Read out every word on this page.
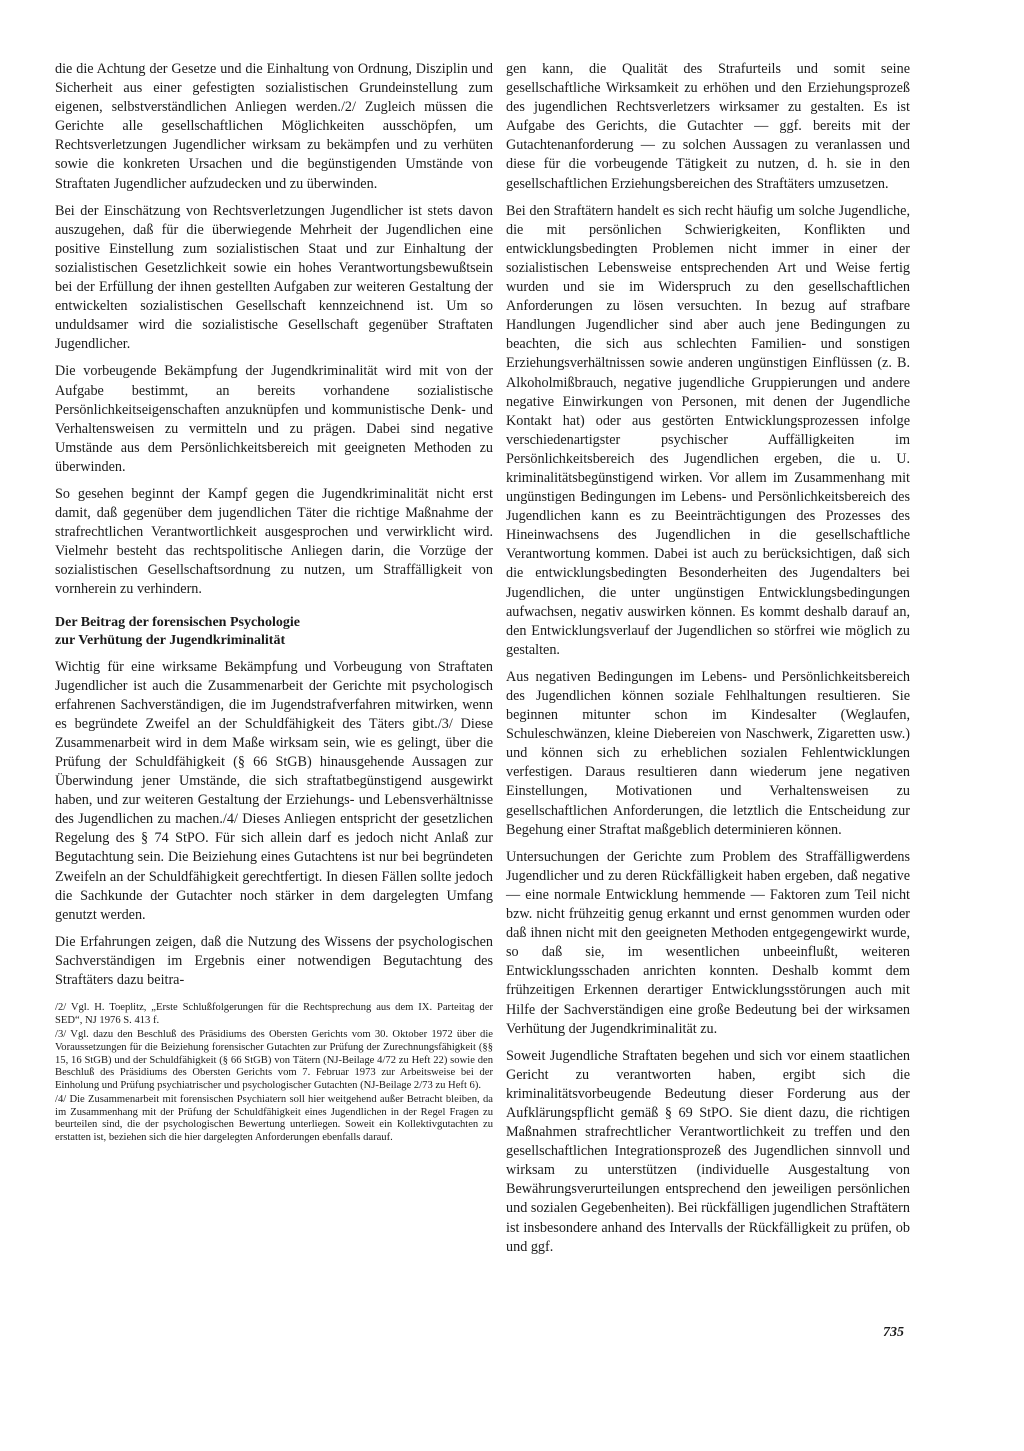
die die Achtung der Gesetze und die Einhaltung von Ordnung, Disziplin und Sicherheit aus einer gefestigten sozialistischen Grundeinstellung zum eigenen, selbstverständlichen Anliegen werden./2/ Zugleich müssen die Gerichte alle gesellschaftlichen Möglichkeiten ausschöpfen, um Rechtsverletzungen Jugendlicher wirksam zu bekämpfen und zu verhüten sowie die konkreten Ursachen und die begünstigenden Umstände von Straftaten Jugendlicher aufzudecken und zu überwinden.

Bei der Einschätzung von Rechtsverletzungen Jugendlicher ist stets davon auszugehen, daß für die überwiegende Mehrheit der Jugendlichen eine positive Einstellung zum sozialistischen Staat und zur Einhaltung der sozialistischen Gesetzlichkeit sowie ein hohes Verantwortungsbewußtsein bei der Erfüllung der ihnen gestellten Aufgaben zur weiteren Gestaltung der entwickelten sozialistischen Gesellschaft kennzeichnend ist. Um so unduldsamer wird die sozialistische Gesellschaft gegenüber Straftaten Jugendlicher.

Die vorbeugende Bekämpfung der Jugendkriminalität wird mit von der Aufgabe bestimmt, an bereits vorhandene sozialistische Persönlichkeitseigenschaften anzuknüpfen und kommunistische Denk- und Verhaltensweisen zu vermitteln und zu prägen. Dabei sind negative Umstände aus dem Persönlichkeitsbereich mit geeigneten Methoden zu überwinden.

So gesehen beginnt der Kampf gegen die Jugendkriminalität nicht erst damit, daß gegenüber dem jugendlichen Täter die richtige Maßnahme der strafrechtlichen Verantwortlichkeit ausgesprochen und verwirklicht wird. Vielmehr besteht das rechtspolitische Anliegen darin, die Vorzüge der sozialistischen Gesellschaftsordnung zu nutzen, um Straffälligkeit von vornherein zu verhindern.

Der Beitrag der forensischen Psychologie
zur Verhütung der Jugendkriminalität

Wichtig für eine wirksame Bekämpfung und Vorbeugung von Straftaten Jugendlicher ist auch die Zusammenarbeit der Gerichte mit psychologisch erfahrenen Sachverständigen, die im Jugendstrafverfahren mitwirken, wenn es begründete Zweifel an der Schuldfähigkeit des Täters gibt./3/ Diese Zusammenarbeit wird in dem Maße wirksam sein, wie es gelingt, über die Prüfung der Schuldfähigkeit (§ 66 StGB) hinausgehende Aussagen zur Überwindung jener Umstände, die sich straftatbegünstigend ausgewirkt haben, und zur weiteren Gestaltung der Erziehungs- und Lebensverhältnisse des Jugendlichen zu machen./4/ Dieses Anliegen entspricht der gesetzlichen Regelung des § 74 StPO. Für sich allein darf es jedoch nicht Anlaß zur Begutachtung sein. Die Beiziehung eines Gutachtens ist nur bei begründeten Zweifeln an der Schuldfähigkeit gerechtfertigt. In diesen Fällen sollte jedoch die Sachkunde der Gutachter noch stärker in dem dargelegten Umfang genutzt werden.

Die Erfahrungen zeigen, daß die Nutzung des Wissens der psychologischen Sachverständigen im Ergebnis einer notwendigen Begutachtung des Straftäters dazu beitra-

/2/ Vgl. H. Toeplitz, „Erste Schlußfolgerungen für die Rechtsprechung aus dem IX. Parteitag der SED“, NJ 1976 S. 413 f.

/3/ Vgl. dazu den Beschluß des Präsidiums des Obersten Gerichts vom 30. Oktober 1972 über die Voraussetzungen für die Beiziehung forensischer Gutachten zur Prüfung der Zurechnungsfähigkeit (§§ 15, 16 StGB) und der Schuldfähigkeit (§ 66 StGB) von Tätern (NJ-Beilage 4/72 zu Heft 22) sowie den Beschluß des Präsidiums des Obersten Gerichts vom 7. Februar 1973 zur Arbeitsweise bei der Einholung und Prüfung psychiatrischer und psychologischer Gutachten (NJ-Beilage 2/73 zu Heft 6).

/4/ Die Zusammenarbeit mit forensischen Psychiatern soll hier weitgehend außer Betracht bleiben, da im Zusammenhang mit der Prüfung der Schuldfähigkeit eines Jugendlichen in der Regel Fragen zu beurteilen sind, die der psychologischen Bewertung unterliegen. Soweit ein Kollektivgutachten zu erstatten ist, beziehen sich die hier dargelegten Anforderungen ebenfalls darauf.

gen kann, die Qualität des Strafurteils und somit seine gesellschaftliche Wirksamkeit zu erhöhen und den Erziehungsprozeß des jugendlichen Rechtsverletzers wirksamer zu gestalten. Es ist Aufgabe des Gerichts, die Gutachter — ggf. bereits mit der Gutachtenanforderung — zu solchen Aussagen zu veranlassen und diese für die vorbeugende Tätigkeit zu nutzen, d. h. sie in den gesellschaftlichen Erziehungsbereichen des Straftäters umzusetzen.

Bei den Straftätern handelt es sich recht häufig um solche Jugendliche, die mit persönlichen Schwierigkeiten, Konflikten und entwicklungsbedingten Problemen nicht immer in einer der sozialistischen Lebensweise entsprechenden Art und Weise fertig wurden und sie im Widerspruch zu den gesellschaftlichen Anforderungen zu lösen versuchten. In bezug auf strafbare Handlungen Jugendlicher sind aber auch jene Bedingungen zu beachten, die sich aus schlechten Familien- und sonstigen Erziehungsverhältnissen sowie anderen ungünstigen Einflüssen (z. B. Alkoholmißbrauch, negative jugendliche Gruppierungen und andere negative Einwirkungen von Personen, mit denen der Jugendliche Kontakt hat) oder aus gestörten Entwicklungsprozessen infolge verschiedenartigster psychischer Auffälligkeiten im Persönlichkeitsbereich des Jugendlichen ergeben, die u. U. kriminalitätsbegünstigend wirken. Vor allem im Zusammenhang mit ungünstigen Bedingungen im Lebens- und Persönlichkeitsbereich des Jugendlichen kann es zu Beeinträchtigungen des Prozesses des Hineinwachsens des Jugendlichen in die gesellschaftliche Verantwortung kommen. Dabei ist auch zu berücksichtigen, daß sich die entwicklungsbedingten Besonderheiten des Jugendalters bei Jugendlichen, die unter ungünstigen Entwicklungsbedingungen aufwachsen, negativ auswirken können. Es kommt deshalb darauf an, den Entwicklungsverlauf der Jugendlichen so störfrei wie möglich zu gestalten.

Aus negativen Bedingungen im Lebens- und Persönlichkeitsbereich des Jugendlichen können soziale Fehlhaltungen resultieren. Sie beginnen mitunter schon im Kindesalter (Weglaufen, Schuleschwänzen, kleine Diebereien von Naschwerk, Zigaretten usw.) und können sich zu erheblichen sozialen Fehlentwicklungen verfestigen. Daraus resultieren dann wiederum jene negativen Einstellungen, Motivationen und Verhaltensweisen zu gesellschaftlichen Anforderungen, die letztlich die Entscheidung zur Begehung einer Straftat maßgeblich determinieren können.

Untersuchungen der Gerichte zum Problem des Straffälligwerdens Jugendlicher und zu deren Rückfälligkeit haben ergeben, daß negative — eine normale Entwicklung hemmende — Faktoren zum Teil nicht bzw. nicht frühzeitig genug erkannt und ernst genommen wurden oder daß ihnen nicht mit den geeigneten Methoden entgegengewirkt wurde, so daß sie, im wesentlichen unbeeinflußt, weiteren Entwicklungsschaden anrichten konnten. Deshalb kommt dem frühzeitigen Erkennen derartiger Entwicklungsstörungen auch mit Hilfe der Sachverständigen eine große Bedeutung bei der wirksamen Verhütung der Jugendkriminalität zu.

Soweit Jugendliche Straftaten begehen und sich vor einem staatlichen Gericht zu verantworten haben, ergibt sich die kriminalitätsvorbeugende Bedeutung dieser Forderung aus der Aufklärungspflicht gemäß § 69 StPO. Sie dient dazu, die richtigen Maßnahmen strafrechtlicher Verantwortlichkeit zu treffen und den gesellschaftlichen Integrationsprozeß des Jugendlichen sinnvoll und wirksam zu unterstützen (individuelle Ausgestaltung von Bewährungsverurteilungen entsprechend den jeweiligen persönlichen und sozialen Gegebenheiten). Bei rückfälligen jugendlichen Straftätern ist insbesondere anhand des Intervalls der Rückfälligkeit zu prüfen, ob und ggf.

735
